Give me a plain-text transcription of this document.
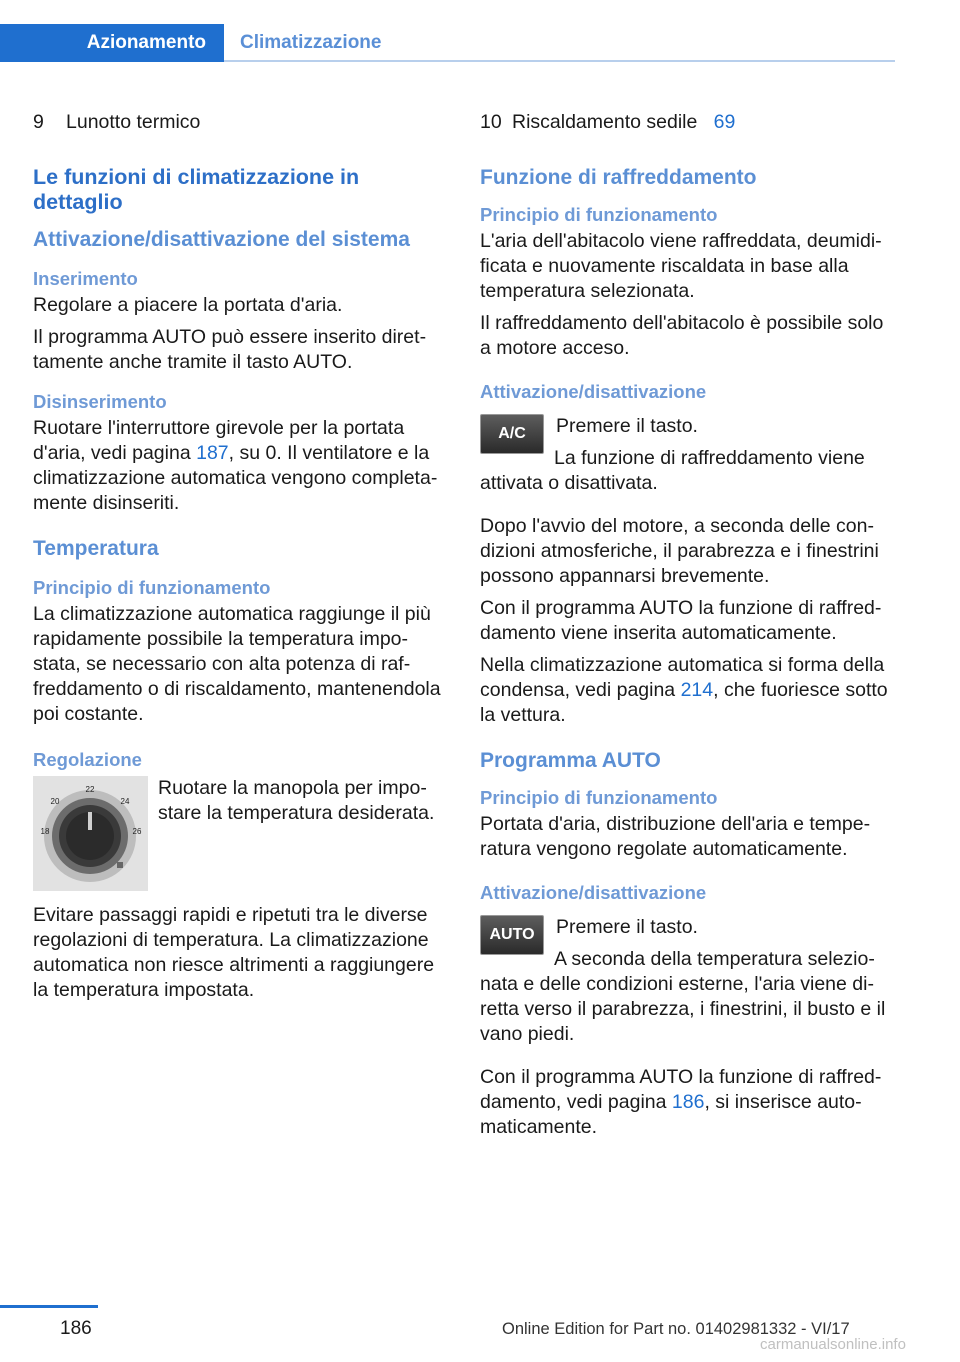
Azionamento	Climatizzazione
9	Lunotto termico
Le funzioni di climatizzazione in dettaglio
Attivazione/disattivazione del sistema
Inserimento

Regolare a piacere la portata d'aria.

Il programma AUTO può essere inserito direttamente anche tramite il tasto AUTO.

Disinserimento

Ruotare l'interruttore girevole per la portata d'aria, vedi pagina 187, su 0. Il ventilatore e la climatizzazione automatica vengono completamente disinseriti.

Temperatura
Principio di funzionamento

La climatizzazione automatica raggiunge il più rapidamente possibile la temperatura impostata, se necessario con alta potenza di raffreddamento o di riscaldamento, mantenendola poi costante.

Regolazione
22
20	24
18	26

Ruotare la manopola per impostare la temperatura desiderata.

Evitare passaggi rapidi e ripetuti tra le diverse regolazioni di temperatura. La climatizzazione automatica non riesce altrimenti a raggiungere la temperatura impostata.

10 Riscaldamento sedile 69
Funzione di raffreddamento
Principio di funzionamento

L'aria dell'abitacolo viene raffreddata, deumidificata e nuovamente riscaldata in base alla temperatura selezionata.

Il raffreddamento dell'abitacolo è possibile solo a motore acceso.

Attivazione/disattivazione
A/C	Premere il tasto.

La funzione di raffreddamento viene attivata o disattivata.

Dopo l'avvio del motore, a seconda delle condizioni atmosferiche, il parabrezza e i finestrini possono appannarsi brevemente.

Con il programma AUTO la funzione di raffreddamento viene inserita automaticamente.

Nella climatizzazione automatica si forma della condensa, vedi pagina 214, che fuoriesce sotto la vettura.

Programma AUTO
Principio di funzionamento

Portata d'aria, distribuzione dell'aria e temperatura vengono regolate automaticamente.

Attivazione/disattivazione
AUTO	Premere il tasto.

A seconda della temperatura selezionata e delle condizioni esterne, l'aria viene diretta verso il parabrezza, i finestrini, il busto e il vano piedi.

Con il programma AUTO la funzione di raffreddamento, vedi pagina 186, si inserisce automaticamente.

186	Online Edition for Part no. 01402981332 - VI/17
carmanualsonline.info
